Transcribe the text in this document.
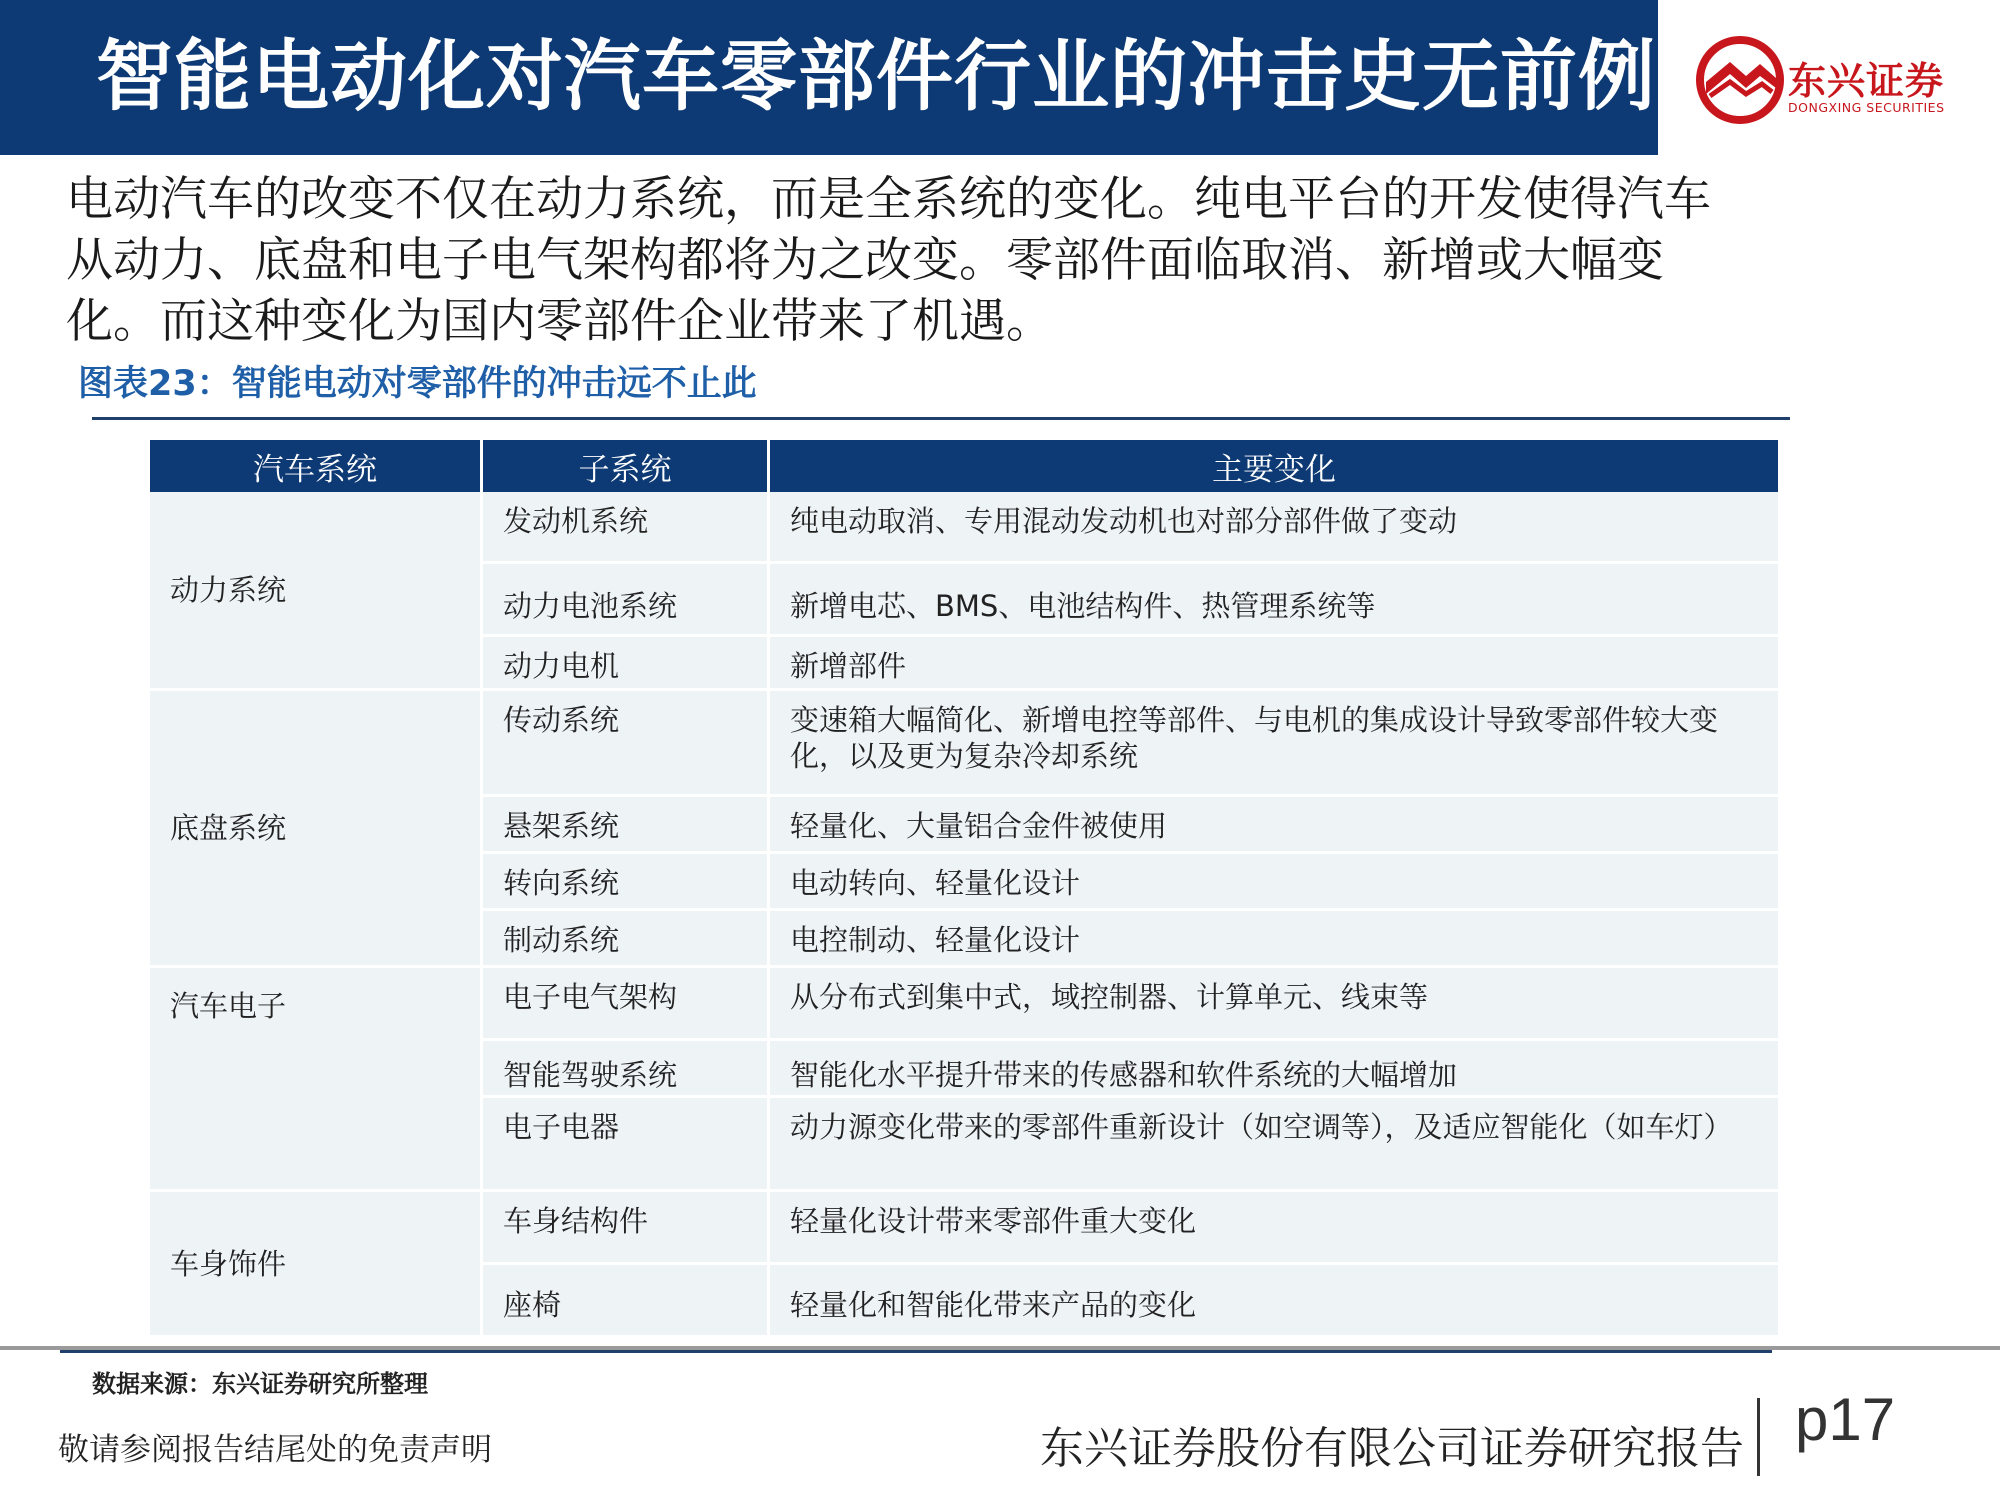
智能电动化对汽车零部件行业的冲击史无前例	东兴证券
DONGXING SECURITIES
电动汽车的改变不仅在动力系统，而是全系统的变化。纯电平台的开发使得汽车
从动力、底盘和电子电气架构都将为之改变。零部件面临取消、新增或大幅变
化。而这种变化为国内零部件企业带来了机遇。
图表23：智能电动对零部件的冲击远不止此
汽车系统	子系统	主要变化
动力系统	发动机系统	纯电动取消、专用混动发动机也对部分部件做了变动
	动力电池系统	新增电芯、BMS、电池结构件、热管理系统等
	动力电机	新增部件
底盘系统	传动系统	变速箱大幅简化、新增电控等部件、与电机的集成设计导致零部件较大变化，以及更为复杂冷却系统
	悬架系统	轻量化、大量铝合金件被使用
	转向系统	电动转向、轻量化设计
	制动系统	电控制动、轻量化设计
汽车电子	电子电气架构	从分布式到集中式，域控制器、计算单元、线束等
	智能驾驶系统	智能化水平提升带来的传感器和软件系统的大幅增加
	电子电器	动力源变化带来的零部件重新设计（如空调等），及适应智能化（如车灯）
车身饰件	车身结构件	轻量化设计带来零部件重大变化
	座椅	轻量化和智能化带来产品的变化
数据来源：东兴证券研究所整理
敬请参阅报告结尾处的免责声明	东兴证券股份有限公司证券研究报告 p17
